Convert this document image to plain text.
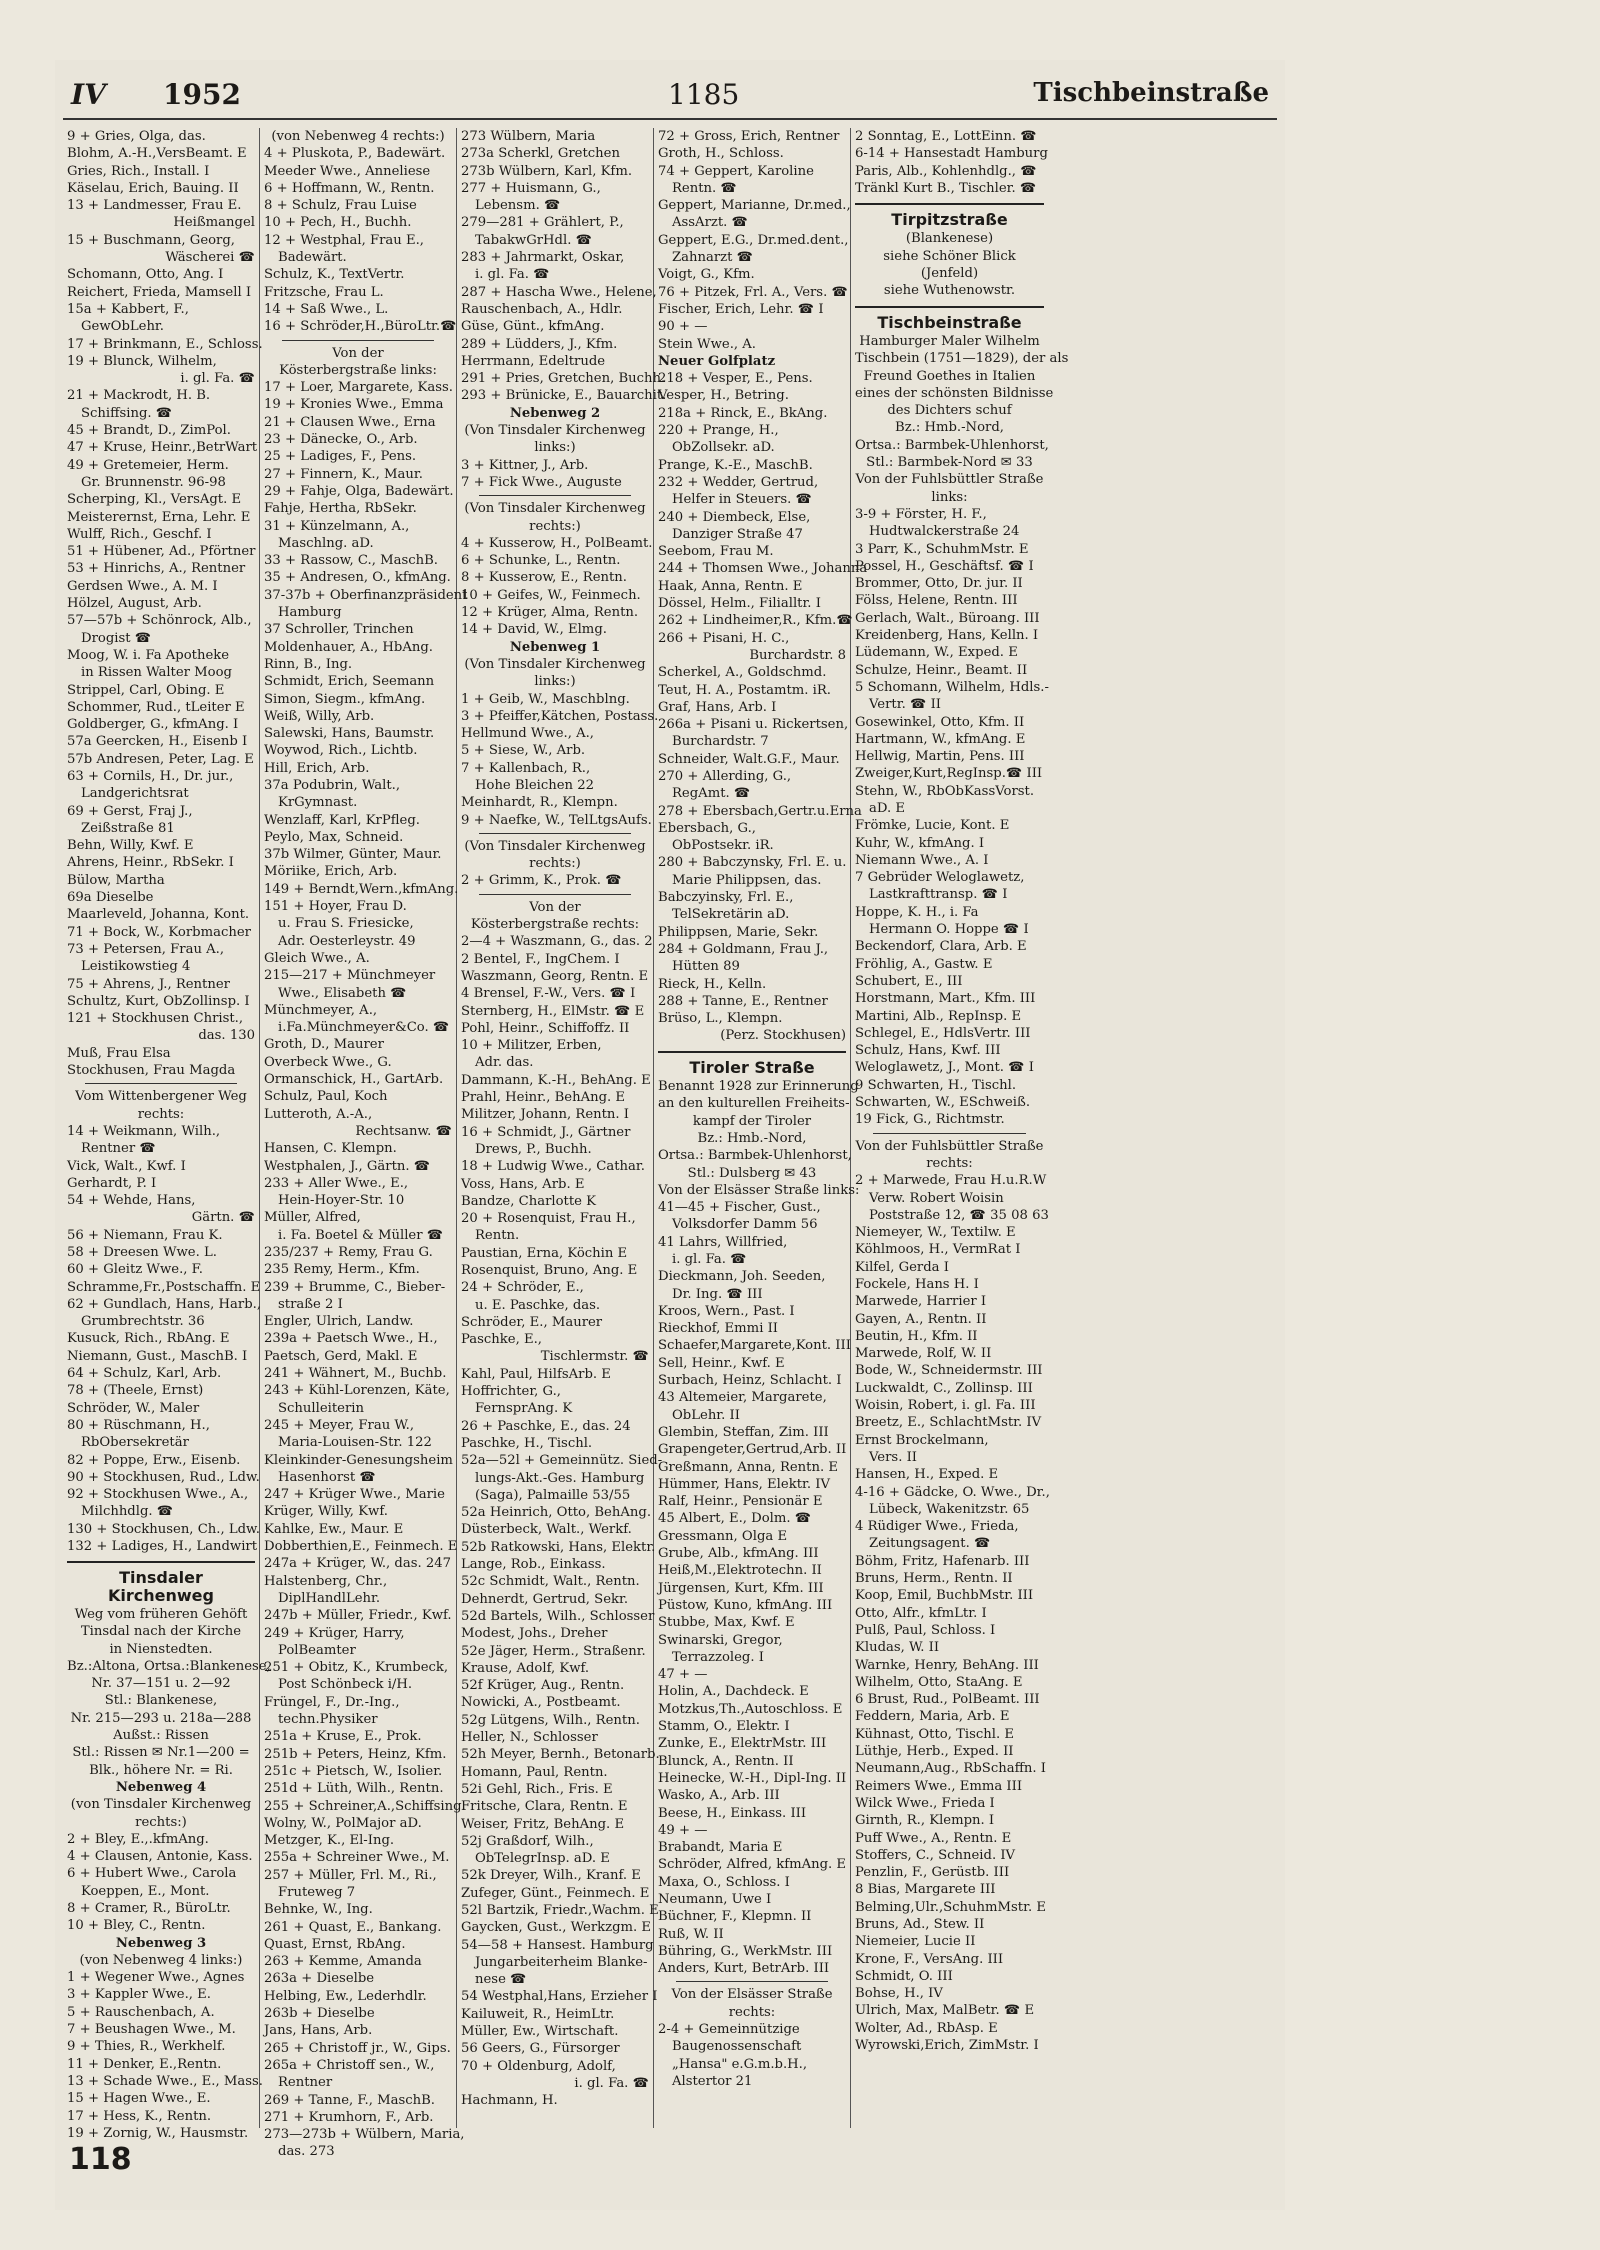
IV 1952	1185	Tischbeinstraße
9 + Gries, Olga, das.
Blohm, A.-H.,VersBeamt. E
Gries, Rich., Install. I
Käselau, Erich, Bauing. II
13 + Landmesser, Frau E.
Heißmangel
15 + Buschmann, Georg,
Wäscherei ☎
Schomann, Otto, Ang. I
Reichert, Frieda, Mamsell I
15a + Kabbert, F.,
GewObLehr.
17 + Brinkmann, E., Schloss.
19 + Blunck, Wilhelm,
i. gl. Fa. ☎
21 + Mackrodt, H. B.
Schiffsing. ☎
45 + Brandt, D., ZimPol.
47 + Kruse, Heinr.,BetrWart
49 + Gretemeier, Herm.
Gr. Brunnenstr. 96-98
Scherping, Kl., VersAgt. E
Meisterernst, Erna, Lehr. E
Wulff, Rich., Geschf. I
51 + Hübener, Ad., Pförtner
53 + Hinrichs, A., Rentner
Gerdsen Wwe., A. M. I
Hölzel, August, Arb.
57—57b + Schönrock, Alb.,
Drogist ☎
Moog, W. i. Fa Apotheke
in Rissen Walter Moog
Strippel, Carl, Obing. E
Schommer, Rud., tLeiter E
Goldberger, G., kfmAng. I
57a Geercken, H., Eisenb I
57b Andresen, Peter, Lag. E
63 + Cornils, H., Dr. jur.,
Landgerichtsrat
69 + Gerst, Fraj J.,
Zeißstraße 81
Behn, Willy, Kwf. E
Ahrens, Heinr., RbSekr. I
Bülow, Martha
69a Dieselbe
Maarleveld, Johanna, Kont.
71 + Bock, W., Korbmacher
73 + Petersen, Frau A.,
Leistikowstieg 4
75 + Ahrens, J., Rentner
Schultz, Kurt, ObZollinsp. I
121 + Stockhusen Christ.,
das. 130
Muß, Frau Elsa
Stockhusen, Frau Magda
Vom Wittenbergener Weg
rechts:
14 + Weikmann, Wilh.,
Rentner ☎
Vick, Walt., Kwf. I
Gerhardt, P. I
54 + Wehde, Hans,
Gärtn. ☎
56 + Niemann, Frau K.
58 + Dreesen Wwe. L.
60 + Gleitz Wwe., F.
Schramme,Fr.,Postschaffn. E
62 + Gundlach, Hans, Harb.,
Grumbrechtstr. 36
Kusuck, Rich., RbAng. E
Niemann, Gust., MaschB. I
64 + Schulz, Karl, Arb.
78 + (Theele, Ernst)
Schröder, W., Maler
80 + Rüschmann, H.,
RbObersekretär
82 + Poppe, Erw., Eisenb.
90 + Stockhusen, Rud., Ldw.
92 + Stockhusen Wwe., A.,
Milchhdlg. ☎
130 + Stockhusen, Ch., Ldw.
132 + Ladiges, H., Landwirt
Tinsdaler Kirchenweg
Weg vom früheren Gehöft
Tinsdal nach der Kirche
in Nienstedten.
Bz.:Altona, Ortsa.:Blankenese,
Nr. 37—151 u. 2—92
Stl.: Blankenese,
Nr. 215—293 u. 218a—288
Außst.: Rissen
Stl.: Rissen ✉ Nr.1—200 =
Blk., höhere Nr. = Ri.
Nebenweg 4
(von Tinsdaler Kirchenweg
rechts:)
2 + Bley, E.,.kfmAng.
4 + Clausen, Antonie, Kass.
6 + Hubert Wwe., Carola
Koeppen, E., Mont.
8 + Cramer, R., BüroLtr.
10 + Bley, C., Rentn.
Nebenweg 3
(von Nebenweg 4 links:)
1 + Wegener Wwe., Agnes
3 + Kappler Wwe., E.
5 + Rauschenbach, A.
7 + Beushagen Wwe., M.
9 + Thies, R., Werkhelf.
11 + Denker, E.,Rentn.
13 + Schade Wwe., E., Mass.
15 + Hagen Wwe., E.
17 + Hess, K., Rentn.
19 + Zornig, W., Hausmstr.
(von Nebenweg 4 rechts:)
4 + Pluskota, P., Badewärt.
Meeder Wwe., Anneliese
6 + Hoffmann, W., Rentn.
8 + Schulz, Frau Luise
10 + Pech, H., Buchh.
12 + Westphal, Frau E.,
Badewärt.
Schulz, K., TextVertr.
Fritzsche, Frau L.
14 + Saß Wwe., L.
16 + Schröder,H.,BüroLtr.☎
Von der
Kösterbergstraße links:
17 + Loer, Margarete, Kass.
19 + Kronies Wwe., Emma
21 + Clausen Wwe., Erna
23 + Dänecke, O., Arb.
25 + Ladiges, F., Pens.
27 + Finnern, K., Maur.
29 + Fahje, Olga, Badewärt.
Fahje, Hertha, RbSekr.
31 + Künzelmann, A.,
Maschlng. aD.
33 + Rassow, C., MaschB.
35 + Andresen, O., kfmAng.
37-37b + Oberfinanzpräsident
Hamburg
37 Schroller, Trinchen
Moldenhauer, A., HbAng.
Rinn, B., Ing.
Schmidt, Erich, Seemann
Simon, Siegm., kfmAng.
Weiß, Willy, Arb.
Salewski, Hans, Baumstr.
Woywod, Rich., Lichtb.
Hill, Erich, Arb.
37a Podubrin, Walt.,
KrGymnast.
Wenzlaff, Karl, KrPfleg.
Peylo, Max, Schneid.
37b Wilmer, Günter, Maur.
Möriike, Erich, Arb.
149 + Berndt,Wern.,kfmAng.
151 + Hoyer, Frau D.
u. Frau S. Friesicke,
Adr. Oesterleystr. 49
Gleich Wwe., A.
215—217 + Münchmeyer
Wwe., Elisabeth ☎
Münchmeyer, A.,
i.Fa.Münchmeyer&Co. ☎
Groth, D., Maurer
Overbeck Wwe., G.
Ormanschick, H., GartArb.
Schulz, Paul, Koch
Lutteroth, A.-A.,
Rechtsanw. ☎
Hansen, C. Klempn.
Westphalen, J., Gärtn. ☎
233 + Aller Wwe., E.,
Hein-Hoyer-Str. 10
Müller, Alfred,
i. Fa. Boetel & Müller ☎
235/237 + Remy, Frau G.
235 Remy, Herm., Kfm.
239 + Brumme, C., Bieber-
straße 2 I
Engler, Ulrich, Landw.
239a + Paetsch Wwe., H.,
Paetsch, Gerd, Makl. E
241 + Wähnert, M., Buchb.
243 + Kühl-Lorenzen, Käte,
Schulleiterin
245 + Meyer, Frau W.,
Maria-Louisen-Str. 122
Kleinkinder-Genesungsheim
Hasenhorst ☎
247 + Krüger Wwe., Marie
Krüger, Willy, Kwf.
Kahlke, Ew., Maur. E
Dobberthien,E., Feinmech. E
247a + Krüger, W., das. 247
Halstenberg, Chr.,
DiplHandlLehr.
247b + Müller, Friedr., Kwf.
249 + Krüger, Harry,
PolBeamter
251 + Obitz, K., Krumbeck,
Post Schönbeck i/H.
Früngel, F., Dr.-Ing.,
techn.Physiker
251a + Kruse, E., Prok.
251b + Peters, Heinz, Kfm.
251c + Pietsch, W., Isolier.
251d + Lüth, Wilh., Rentn.
255 + Schreiner,A.,Schiffsing.
Wolny, W., PolMajor aD.
Metzger, K., El-Ing.
255a + Schreiner Wwe., M.
257 + Müller, Frl. M., Ri.,
Fruteweg 7
Behnke, W., Ing.
261 + Quast, E., Bankang.
Quast, Ernst, RbAng.
263 + Kemme, Amanda
263a + Dieselbe
Helbing, Ew., Lederhdlr.
263b + Dieselbe
Jans, Hans, Arb.
265 + Christoff jr., W., Gips.
265a + Christoff sen., W.,
Rentner
269 + Tanne, F., MaschB.
271 + Krumhorn, F., Arb.
273—273b + Wülbern, Maria,
das. 273
273 Wülbern, Maria
273a Scherkl, Gretchen
273b Wülbern, Karl, Kfm.
277 + Huismann, G.,
Lebensm. ☎
279—281 + Grählert, P.,
TabakwGrHdl. ☎
283 + Jahrmarkt, Oskar,
i. gl. Fa. ☎
287 + Hascha Wwe., Helene,
Rauschenbach, A., Hdlr.
Güse, Günt., kfmAng.
289 + Lüdders, J., Kfm.
Herrmann, Edeltrude
291 + Pries, Gretchen, Buchh.
293 + Brünicke, E., Bauarchit.
Nebenweg 2
(Von Tinsdaler Kirchenweg
links:)
3 + Kittner, J., Arb.
7 + Fick Wwe., Auguste
(Von Tinsdaler Kirchenweg
rechts:)
4 + Kusserow, H., PolBeamt.
6 + Schunke, L., Rentn.
8 + Kusserow, E., Rentn.
10 + Geifes, W., Feinmech.
12 + Krüger, Alma, Rentn.
14 + David, W., Elmg.
Nebenweg 1
(Von Tinsdaler Kirchenweg
links:)
1 + Geib, W., Maschblng.
3 + Pfeiffer,Kätchen, Postass.
Hellmund Wwe., A.,
5 + Siese, W., Arb.
7 + Kallenbach, R.,
Hohe Bleichen 22
Meinhardt, R., Klempn.
9 + Naefke, W., TelLtgsAufs.
(Von Tinsdaler Kirchenweg
rechts:)
2 + Grimm, K., Prok. ☎
Von der
Kösterbergstraße rechts:
2—4 + Waszmann, G., das. 2
2 Bentel, F., IngChem. I
Waszmann, Georg, Rentn. E
4 Brensel, F.-W., Vers. ☎ I
Sternberg, H., ElMstr. ☎ E
Pohl, Heinr., Schiffoffz. II
10 + Militzer, Erben,
Adr. das.
Dammann, K.-H., BehAng. E
Prahl, Heinr., BehAng. E
Militzer, Johann, Rentn. I
16 + Schmidt, J., Gärtner
Drews, P., Buchh.
18 + Ludwig Wwe., Cathar.
Voss, Hans, Arb. E
Bandze, Charlotte K
20 + Rosenquist, Frau H.,
Rentn.
Paustian, Erna, Köchin E
Rosenquist, Bruno, Ang. E
24 + Schröder, E.,
u. E. Paschke, das.
Schröder, E., Maurer
Paschke, E.,
Tischlermstr. ☎
Kahl, Paul, HilfsArb. E
Hoffrichter, G.,
FernsprAng. K
26 + Paschke, E., das. 24
Paschke, H., Tischl.
52a—52l + Gemeinnütz. Sied-
lungs-Akt.-Ges. Hamburg
(Saga), Palmaille 53/55
52a Heinrich, Otto, BehAng.
Düsterbeck, Walt., Werkf.
52b Ratkowski, Hans, Elektr.
Lange, Rob., Einkass.
52c Schmidt, Walt., Rentn.
Dehnerdt, Gertrud, Sekr.
52d Bartels, Wilh., Schlosser
Modest, Johs., Dreher
52e Jäger, Herm., Straßenr.
Krause, Adolf, Kwf.
52f Krüger, Aug., Rentn.
Nowicki, A., Postbeamt.
52g Lütgens, Wilh., Rentn.
Heller, N., Schlosser
52h Meyer, Bernh., Betonarb.
Homann, Paul, Rentn.
52i Gehl, Rich., Fris. E
Fritsche, Clara, Rentn. E
Weiser, Fritz, BehAng. E
52j Graßdorf, Wilh.,
ObTelegrInsp. aD. E
52k Dreyer, Wilh., Kranf. E
Zufeger, Günt., Feinmech. E
52l Bartzik, Friedr.,Wachm. E
Gaycken, Gust., Werkzgm. E
54—58 + Hansest. Hamburg
Jungarbeiterheim Blanke-
nese ☎
54 Westphal,Hans, Erzieher I
Kailuweit, R., HeimLtr.
Müller, Ew., Wirtschaft.
56 Geers, G., Fürsorger
70 + Oldenburg, Adolf,
i. gl. Fa. ☎
Hachmann, H.
72 + Gross, Erich, Rentner
Groth, H., Schloss.
74 + Geppert, Karoline
Rentn. ☎
Geppert, Marianne, Dr.med.,
AssArzt. ☎
Geppert, E.G., Dr.med.dent.,
Zahnarzt ☎
Voigt, G., Kfm.
76 + Pitzek, Frl. A., Vers. ☎
Fischer, Erich, Lehr. ☎ I
90 + —
Stein Wwe., A.
Neuer Golfplatz
218 + Vesper, E., Pens.
Vesper, H., Betring.
218a + Rinck, E., BkAng.
220 + Prange, H.,
ObZollsekr. aD.
Prange, K.-E., MaschB.
232 + Wedder, Gertrud,
Helfer in Steuers. ☎
240 + Diembeck, Else,
Danziger Straße 47
Seebom, Frau M.
244 + Thomsen Wwe., Johanna
Haak, Anna, Rentn. E
Dössel, Helm., Filialltr. I
262 + Lindheimer,R., Kfm.☎
266 + Pisani, H. C.,
Burchardstr. 8
Scherkel, A., Goldschmd.
Teut, H. A., Postamtm. iR.
Graf, Hans, Arb. I
266a + Pisani u. Rickertsen,
Burchardstr. 7
Schneider, Walt.G.F., Maur.
270 + Allerding, G.,
RegAmt. ☎
278 + Ebersbach,Gertr.u.Erna
Ebersbach, G.,
ObPostsekr. iR.
280 + Babczynsky, Frl. E. u.
Marie Philippsen, das.
Babczyinsky, Frl. E.,
TelSekretärin aD.
Philippsen, Marie, Sekr.
284 + Goldmann, Frau J.,
Hütten 89
Rieck, H., Kelln.
288 + Tanne, E., Rentner
Brüso, L., Klempn.
(Perz. Stockhusen)
Tiroler Straße
Benannt 1928 zur Erinnerung
an den kulturellen Freiheits-
kampf der Tiroler
Bz.: Hmb.-Nord,
Ortsa.: Barmbek-Uhlenhorst,
Stl.: Dulsberg ✉ 43
Von der Elsässer Straße links:
41—45 + Fischer, Gust.,
Volksdorfer Damm 56
41 Lahrs, Willfried,
i. gl. Fa. ☎
Dieckmann, Joh. Seeden,
Dr. Ing. ☎ III
Kroos, Wern., Past. I
Rieckhof, Emmi II
Schaefer,Margarete,Kont. III
Sell, Heinr., Kwf. E
Surbach, Heinz, Schlacht. I
43 Altemeier, Margarete,
ObLehr. II
Glembin, Steffan, Zim. III
Grapengeter,Gertrud,Arb. II
Greßmann, Anna, Rentn. E
Hümmer, Hans, Elektr. IV
Ralf, Heinr., Pensionär E
45 Albert, E., Dolm. ☎
Gressmann, Olga E
Grube, Alb., kfmAng. III
Heiß,M.,Elektrotechn. II
Jürgensen, Kurt, Kfm. III
Püstow, Kuno, kfmAng. III
Stubbe, Max, Kwf. E
Swinarski, Gregor,
Terrazzoleg. I
47 + —
Holin, A., Dachdeck. E
Motzkus,Th.,Autoschloss. E
Stamm, O., Elektr. I
Zunke, E., ElektrMstr. III
Blunck, A., Rentn. II
Heinecke, W.-H., Dipl-Ing. II
Wasko, A., Arb. III
Beese, H., Einkass. III
49 + —
Brabandt, Maria E
Schröder, Alfred, kfmAng. E
Maxa, O., Schloss. I
Neumann, Uwe I
Büchner, F., Klepmn. II
Ruß, W. II
Bühring, G., WerkMstr. III
Anders, Kurt, BetrArb. III
Von der Elsässer Straße
rechts:
2-4 + Gemeinnützige
Baugenossenschaft
„Hansa" e.G.m.b.H.,
Alstertor 21
2 Sonntag, E., LottEinn. ☎
6-14 + Hansestadt Hamburg
Paris, Alb., Kohlenhdlg., ☎
Tränkl Kurt B., Tischler. ☎
Tirpitzstraße
(Blankenese)
siehe Schöner Blick
(Jenfeld)
siehe Wuthenowstr.
Tischbeinstraße
Hamburger Maler Wilhelm
Tischbein (1751—1829), der als
Freund Goethes in Italien
eines der schönsten Bildnisse
des Dichters schuf
Bz.: Hmb.-Nord,
Ortsa.: Barmbek-Uhlenhorst,
Stl.: Barmbek-Nord ✉ 33
Von der Fuhlsbüttler Straße
links:
3-9 + Förster, H. F.,
Hudtwalckerstraße 24
3 Parr, K., SchuhmMstr. E
Possel, H., Geschäftsf. ☎ I
Brommer, Otto, Dr. jur. II
Fölss, Helene, Rentn. III
Gerlach, Walt., Büroang. III
Kreidenberg, Hans, Kelln. I
Lüdemann, W., Exped. E
Schulze, Heinr., Beamt. II
5 Schomann, Wilhelm, Hdls.-
Vertr. ☎ II
Gosewinkel, Otto, Kfm. II
Hartmann, W., kfmAng. E
Hellwig, Martin, Pens. III
Zweiger,Kurt,RegInsp.☎ III
Stehn, W., RbObKassVorst.
aD. E
Frömke, Lucie, Kont. E
Kuhr, W., kfmAng. I
Niemann Wwe., A. I
7 Gebrüder Weloglawetz,
Lastkrafttransp. ☎ I
Hoppe, K. H., i. Fa
Hermann O. Hoppe ☎ I
Beckendorf, Clara, Arb. E
Fröhlig, A., Gastw. E
Schubert, E., III
Horstmann, Mart., Kfm. III
Martini, Alb., RepInsp. E
Schlegel, E., HdlsVertr. III
Schulz, Hans, Kwf. III
Weloglawetz, J., Mont. ☎ I
9 Schwarten, H., Tischl.
Schwarten, W., ESchweiß.
19 Fick, G., Richtmstr.
Von der Fuhlsbüttler Straße
rechts:
2 + Marwede, Frau H.u.R.W
Verw. Robert Woisin
Poststraße 12, ☎ 35 08 63
Niemeyer, W., Textilw. E
Köhlmoos, H., VermRat I
Kilfel, Gerda I
Fockele, Hans H. I
Marwede, Harrier I
Gayen, A., Rentn. II
Beutin, H., Kfm. II
Marwede, Rolf, W. II
Bode, W., Schneidermstr. III
Luckwaldt, C., Zollinsp. III
Woisin, Robert, i. gl. Fa. III
Breetz, E., SchlachtMstr. IV
Ernst Brockelmann,
Vers. II
Hansen, H., Exped. E
4-16 + Gädcke, O. Wwe., Dr.,
Lübeck, Wakenitzstr. 65
4 Rüdiger Wwe., Frieda,
Zeitungsagent. ☎
Böhm, Fritz, Hafenarb. III
Bruns, Herm., Rentn. II
Koop, Emil, BuchbMstr. III
Otto, Alfr., kfmLtr. I
Pulß, Paul, Schloss. I
Kludas, W. II
Warnke, Henry, BehAng. III
Wilhelm, Otto, StaAng. E
6 Brust, Rud., PolBeamt. III
Feddern, Maria, Arb. E
Kühnast, Otto, Tischl. E
Lüthje, Herb., Exped. II
Neumann,Aug., RbSchaffn. I
Reimers Wwe., Emma III
Wilck Wwe., Frieda I
Girnth, R., Klempn. I
Puff Wwe., A., Rentn. E
Stoffers, C., Schneid. IV
Penzlin, F., Gerüstb. III
8 Bias, Margarete III
Belming,Ulr.,SchuhmMstr. E
Bruns, Ad., Stew. II
Niemeier, Lucie II
Krone, F., VersAng. III
Schmidt, O. III
Bohse, H., IV
Ulrich, Max, MalBetr. ☎ E
Wolter, Ad., RbAsp. E
Wyrowski,Erich, ZimMstr. I
118
